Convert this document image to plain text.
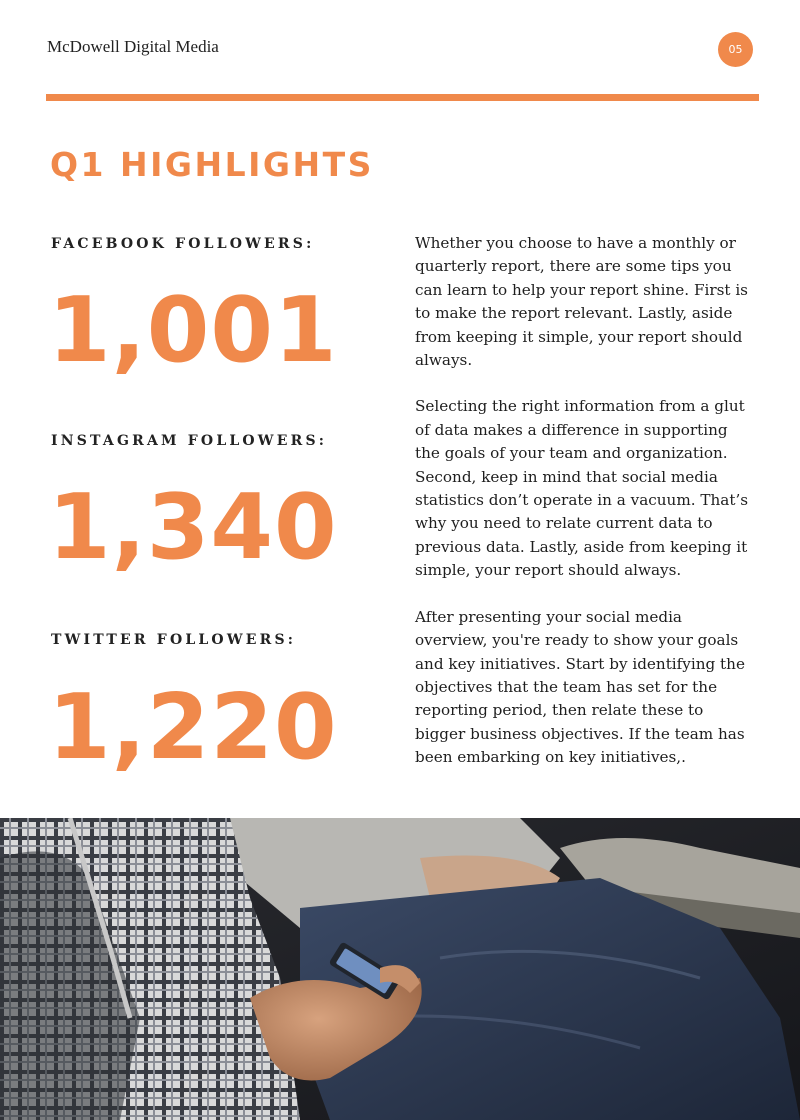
McDowell Digital Media	05
Q1 HIGHLIGHTS
FACEBOOK FOLLOWERS:
1,001
INSTAGRAM FOLLOWERS:
1,340
TWITTER FOLLOWERS:
1,220

Whether you choose to have a monthly or quarterly report, there are some tips you can learn to help your report shine. First is to make the report relevant. Lastly, aside from keeping it simple, your report should always.

Selecting the right information from a glut of data makes a difference in supporting the goals of your team and organization. Second, keep in mind that social media statistics don’t operate in a vacuum. That’s why you need to relate current data to previous data. Lastly, aside from keeping it simple, your report should always.

After presenting your social media overview, you're ready to show your goals and key initiatives. Start by identifying the objectives that the team has set for the reporting period, then relate these to bigger business objectives. If the team has been embarking on key initiatives,.
